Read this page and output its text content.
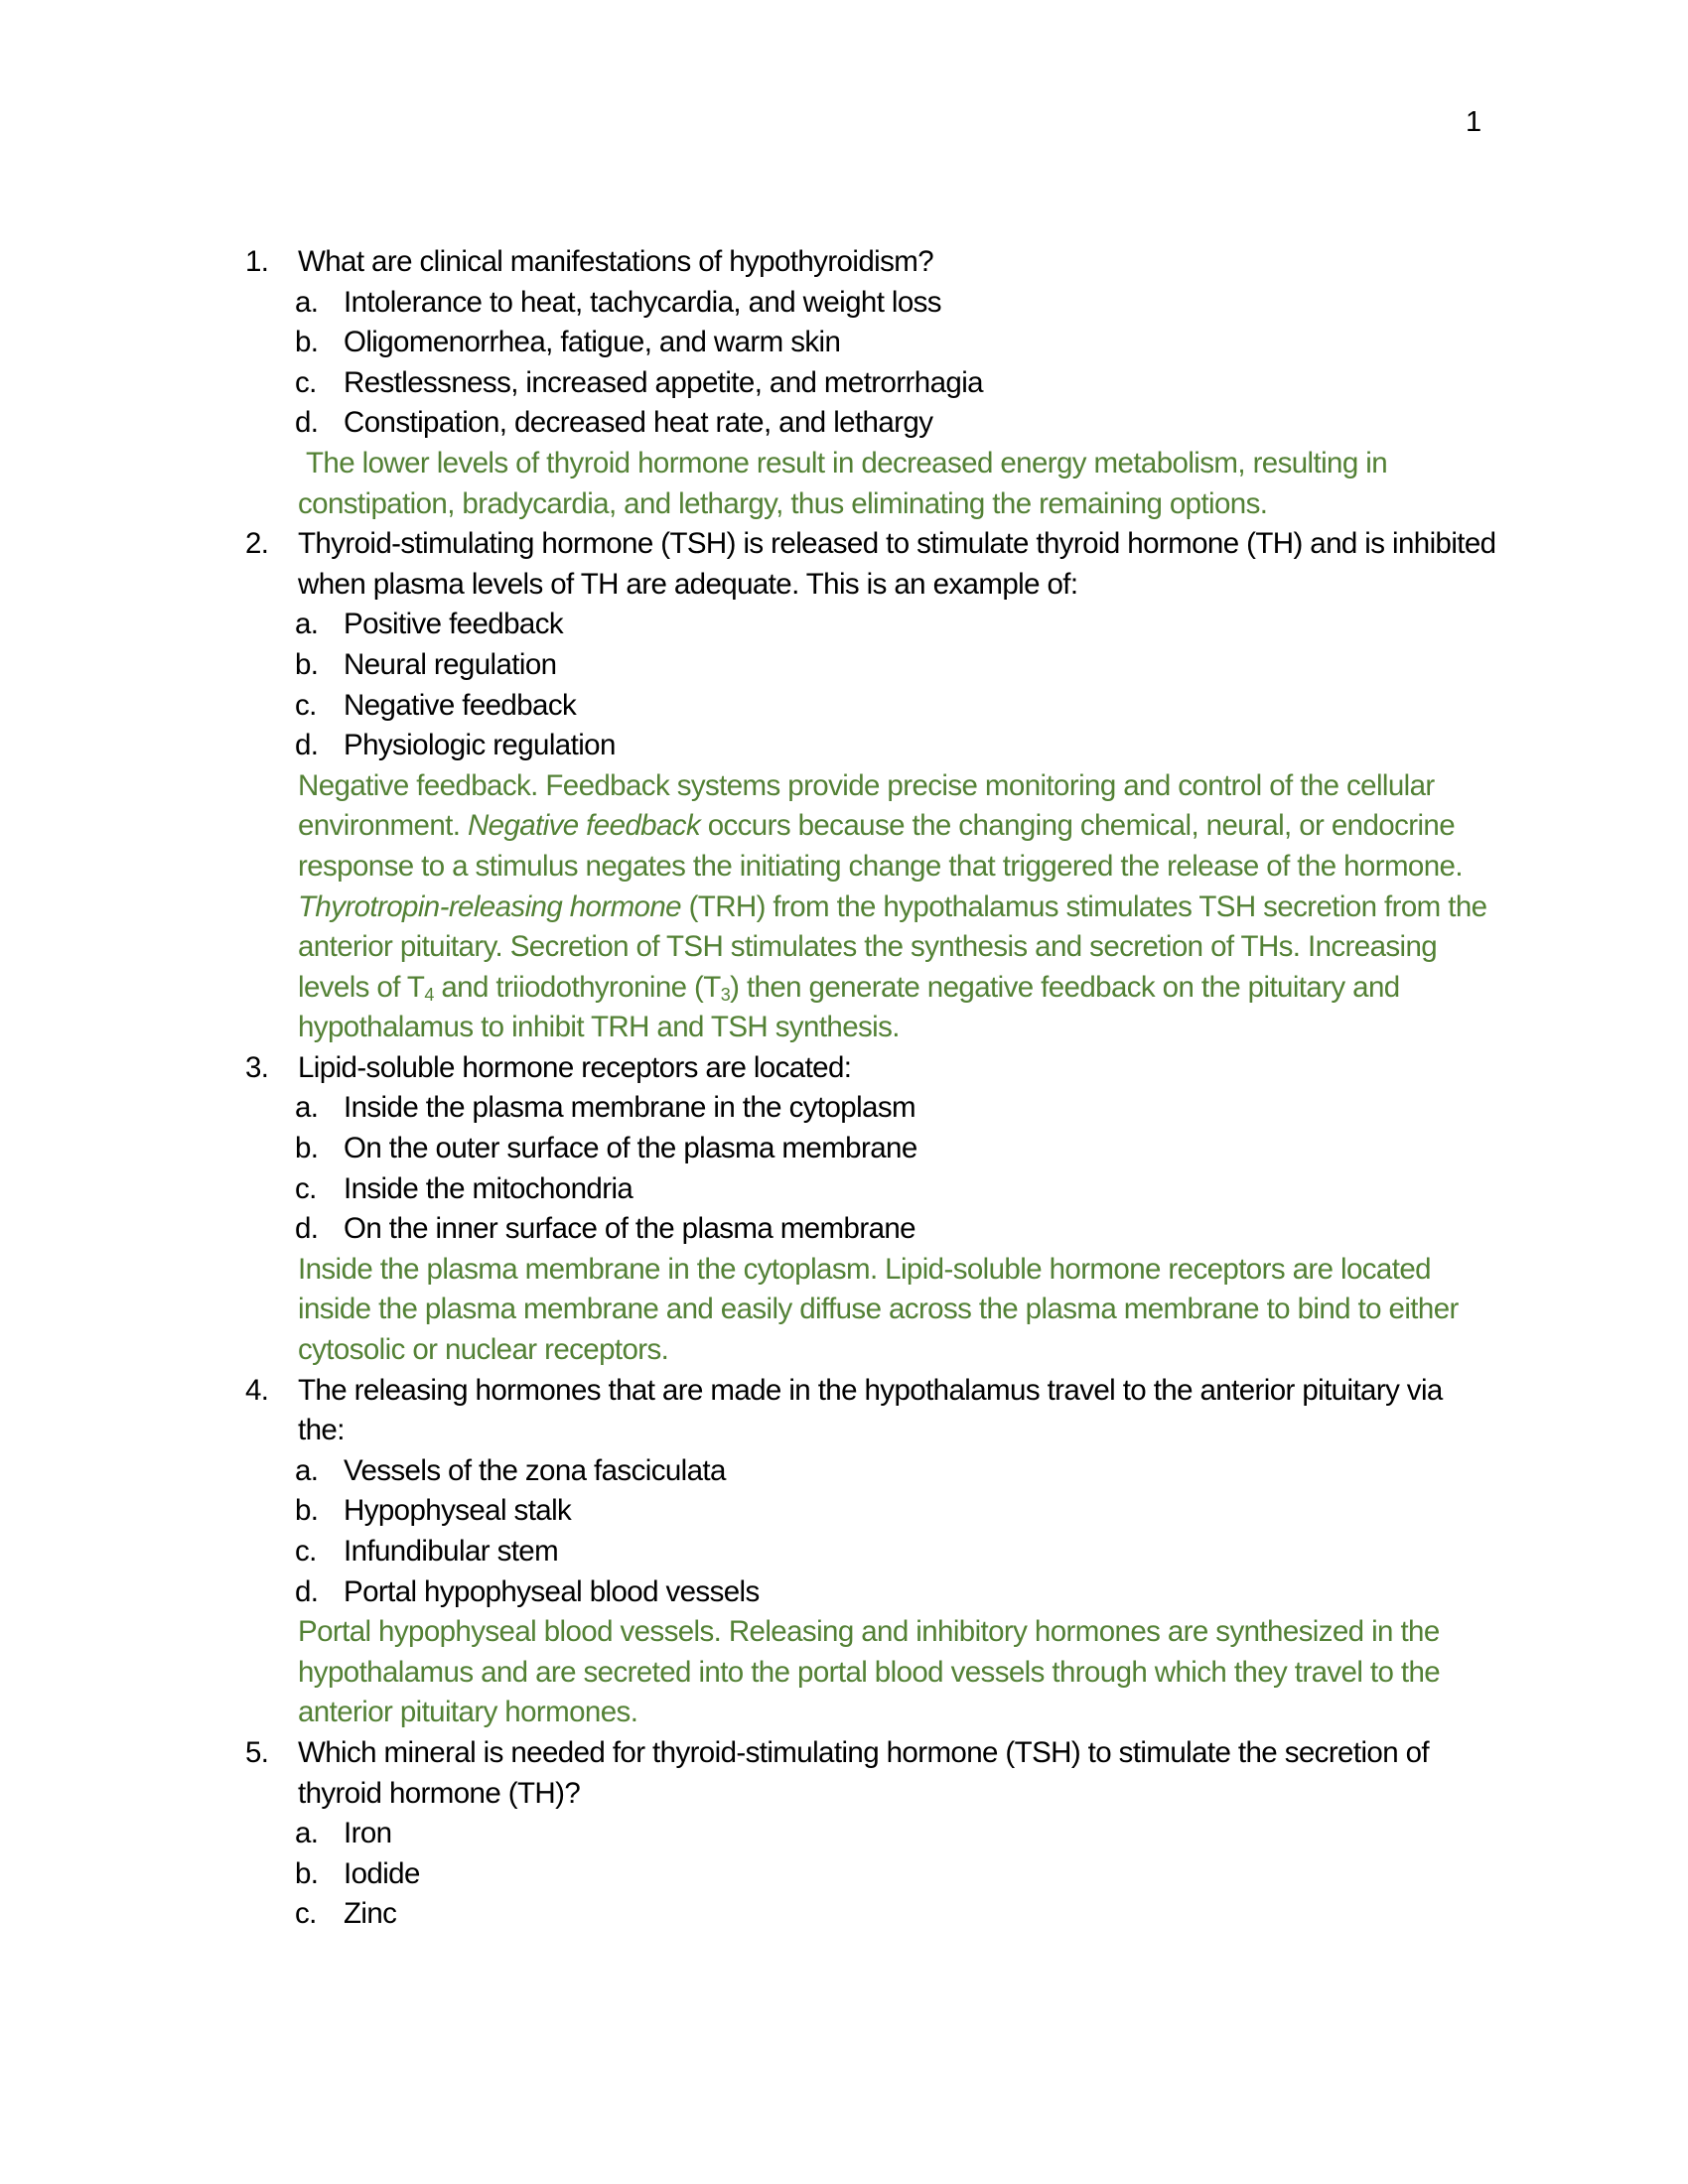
1
1. What are clinical manifestations of hypothyroidism?
a. Intolerance to heat, tachycardia, and weight loss
b. Oligomenorrhea, fatigue, and warm skin
c. Restlessness, increased appetite, and metrorrhagia
d. Constipation, decreased heat rate, and lethargy
The lower levels of thyroid hormone result in decreased energy metabolism, resulting in constipation, bradycardia, and lethargy, thus eliminating the remaining options.
2. Thyroid-stimulating hormone (TSH) is released to stimulate thyroid hormone (TH) and is inhibited when plasma levels of TH are adequate. This is an example of:
a. Positive feedback
b. Neural regulation
c. Negative feedback
d. Physiologic regulation
Negative feedback. Feedback systems provide precise monitoring and control of the cellular environment. Negative feedback occurs because the changing chemical, neural, or endocrine response to a stimulus negates the initiating change that triggered the release of the hormone. Thyrotropin-releasing hormone (TRH) from the hypothalamus stimulates TSH secretion from the anterior pituitary. Secretion of TSH stimulates the synthesis and secretion of THs. Increasing levels of $T_4$ and triiodothyronine $(T_3)$ then generate negative feedback on the pituitary and hypothalamus to inhibit TRH and TSH synthesis.
3. Lipid-soluble hormone receptors are located:
a. Inside the plasma membrane in the cytoplasm
b. On the outer surface of the plasma membrane
c. Inside the mitochondria
d. On the inner surface of the plasma membrane
Inside the plasma membrane in the cytoplasm. Lipid-soluble hormone receptors are located inside the plasma membrane and easily diffuse across the plasma membrane to bind to either cytosolic or nuclear receptors.
4. The releasing hormones that are made in the hypothalamus travel to the anterior pituitary via the:
a. Vessels of the zona fasciculata
b. Hypophyseal stalk
c. Infundibular stem
d. Portal hypophyseal blood vessels
Portal hypophyseal blood vessels. Releasing and inhibitory hormones are synthesized in the hypothalamus and are secreted into the portal blood vessels through which they travel to the anterior pituitary hormones.
5. Which mineral is needed for thyroid-stimulating hormone (TSH) to stimulate the secretion of thyroid hormone (TH)?
a. Iron
b. Iodide
c. Zinc
